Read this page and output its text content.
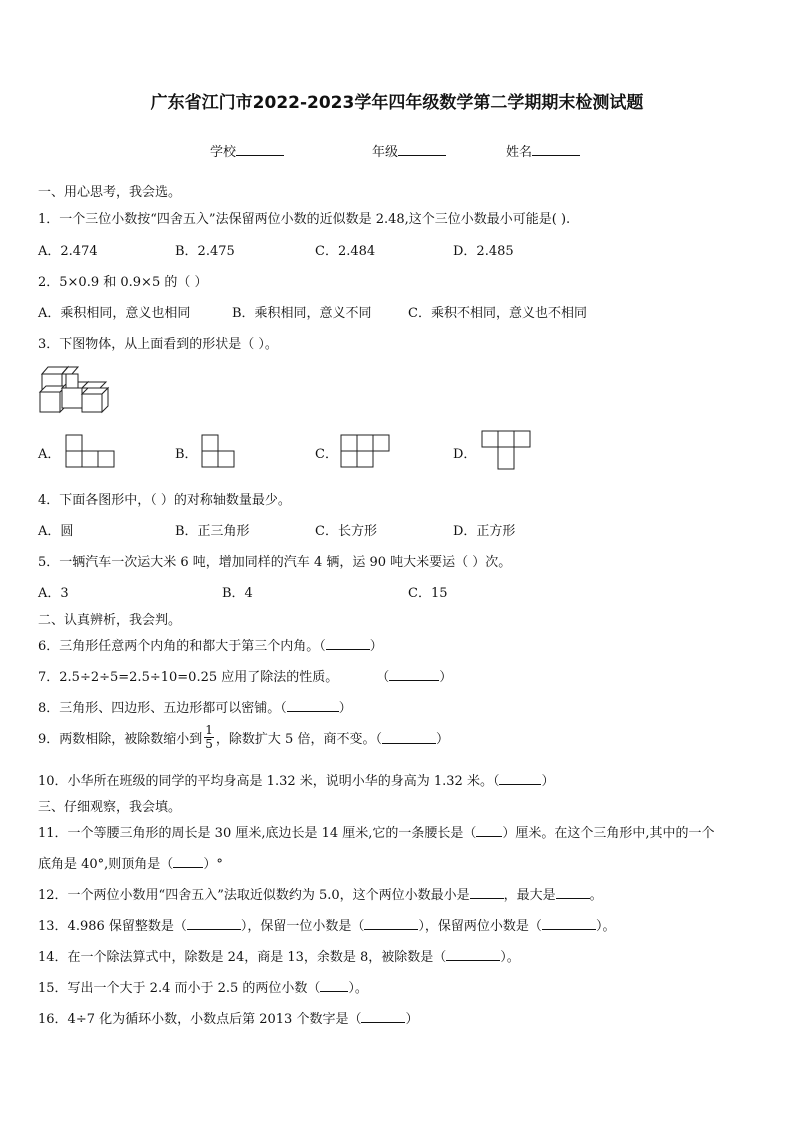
广东省江门市2022-2023学年四年级数学第二学期期末检测试题
学校	年级	姓名
一、用心思考，我会选。
1．一个三位小数按“四舍五入”法保留两位小数的近似数是 2.48,这个三位小数最小可能是( ).
A．2.474	B．2.475	C．2.484	D．2.485
2．5×0.9 和 0.9×5 的（ ）
A．乘积相同，意义也相同	B．乘积相同，意义不同	C．乘积不相同，意义也不相同
3．下图物体，从上面看到的形状是（ ）。
A．	B．	C．	D．
4．下面各图形中，（ ）的对称轴数量最少。
A．圆	B．正三角形	C．长方形	D．正方形
5．一辆汽车一次运大米 6 吨，增加同样的汽车 4 辆，运 90 吨大米要运（ ）次。
A．3	B．4	C．15
二、认真辨析，我会判。
6．三角形任意两个内角的和都大于第三个内角。（	）
7．2.5÷2÷5=2.5÷10=0.25 应用了除法的性质。	（	）
8．三角形、四边形、五边形都可以密铺。（	）
9．两数相除，被除数缩小到 $\frac{1}{5}$ ，除数扩大 5 倍，商不变。（	）
10．小华所在班级的同学的平均身高是 1.32 米，说明小华的身高为 1.32 米。（	）
三、仔细观察，我会填。
11．一个等腰三角形的周长是 30 厘米,底边长是 14 厘米,它的一条腰长是（ ）厘米。在这个三角形中,其中的一个
底角是 40°,则顶角是（ ）°
12．一个两位小数用“四舍五入”法取近似数约为 5.0，这个两位小数最小是	，最大是	。
13．4.986 保留整数是（	），保留一位小数是（	），保留两位小数是（	）。
14．在一个除法算式中，除数是 24，商是 13，余数是 8，被除数是（	）。
15．写出一个大于 2.4 而小于 2.5 的两位小数（ ）。
16．4÷7 化为循环小数，小数点后第 2013 个数字是（	）
